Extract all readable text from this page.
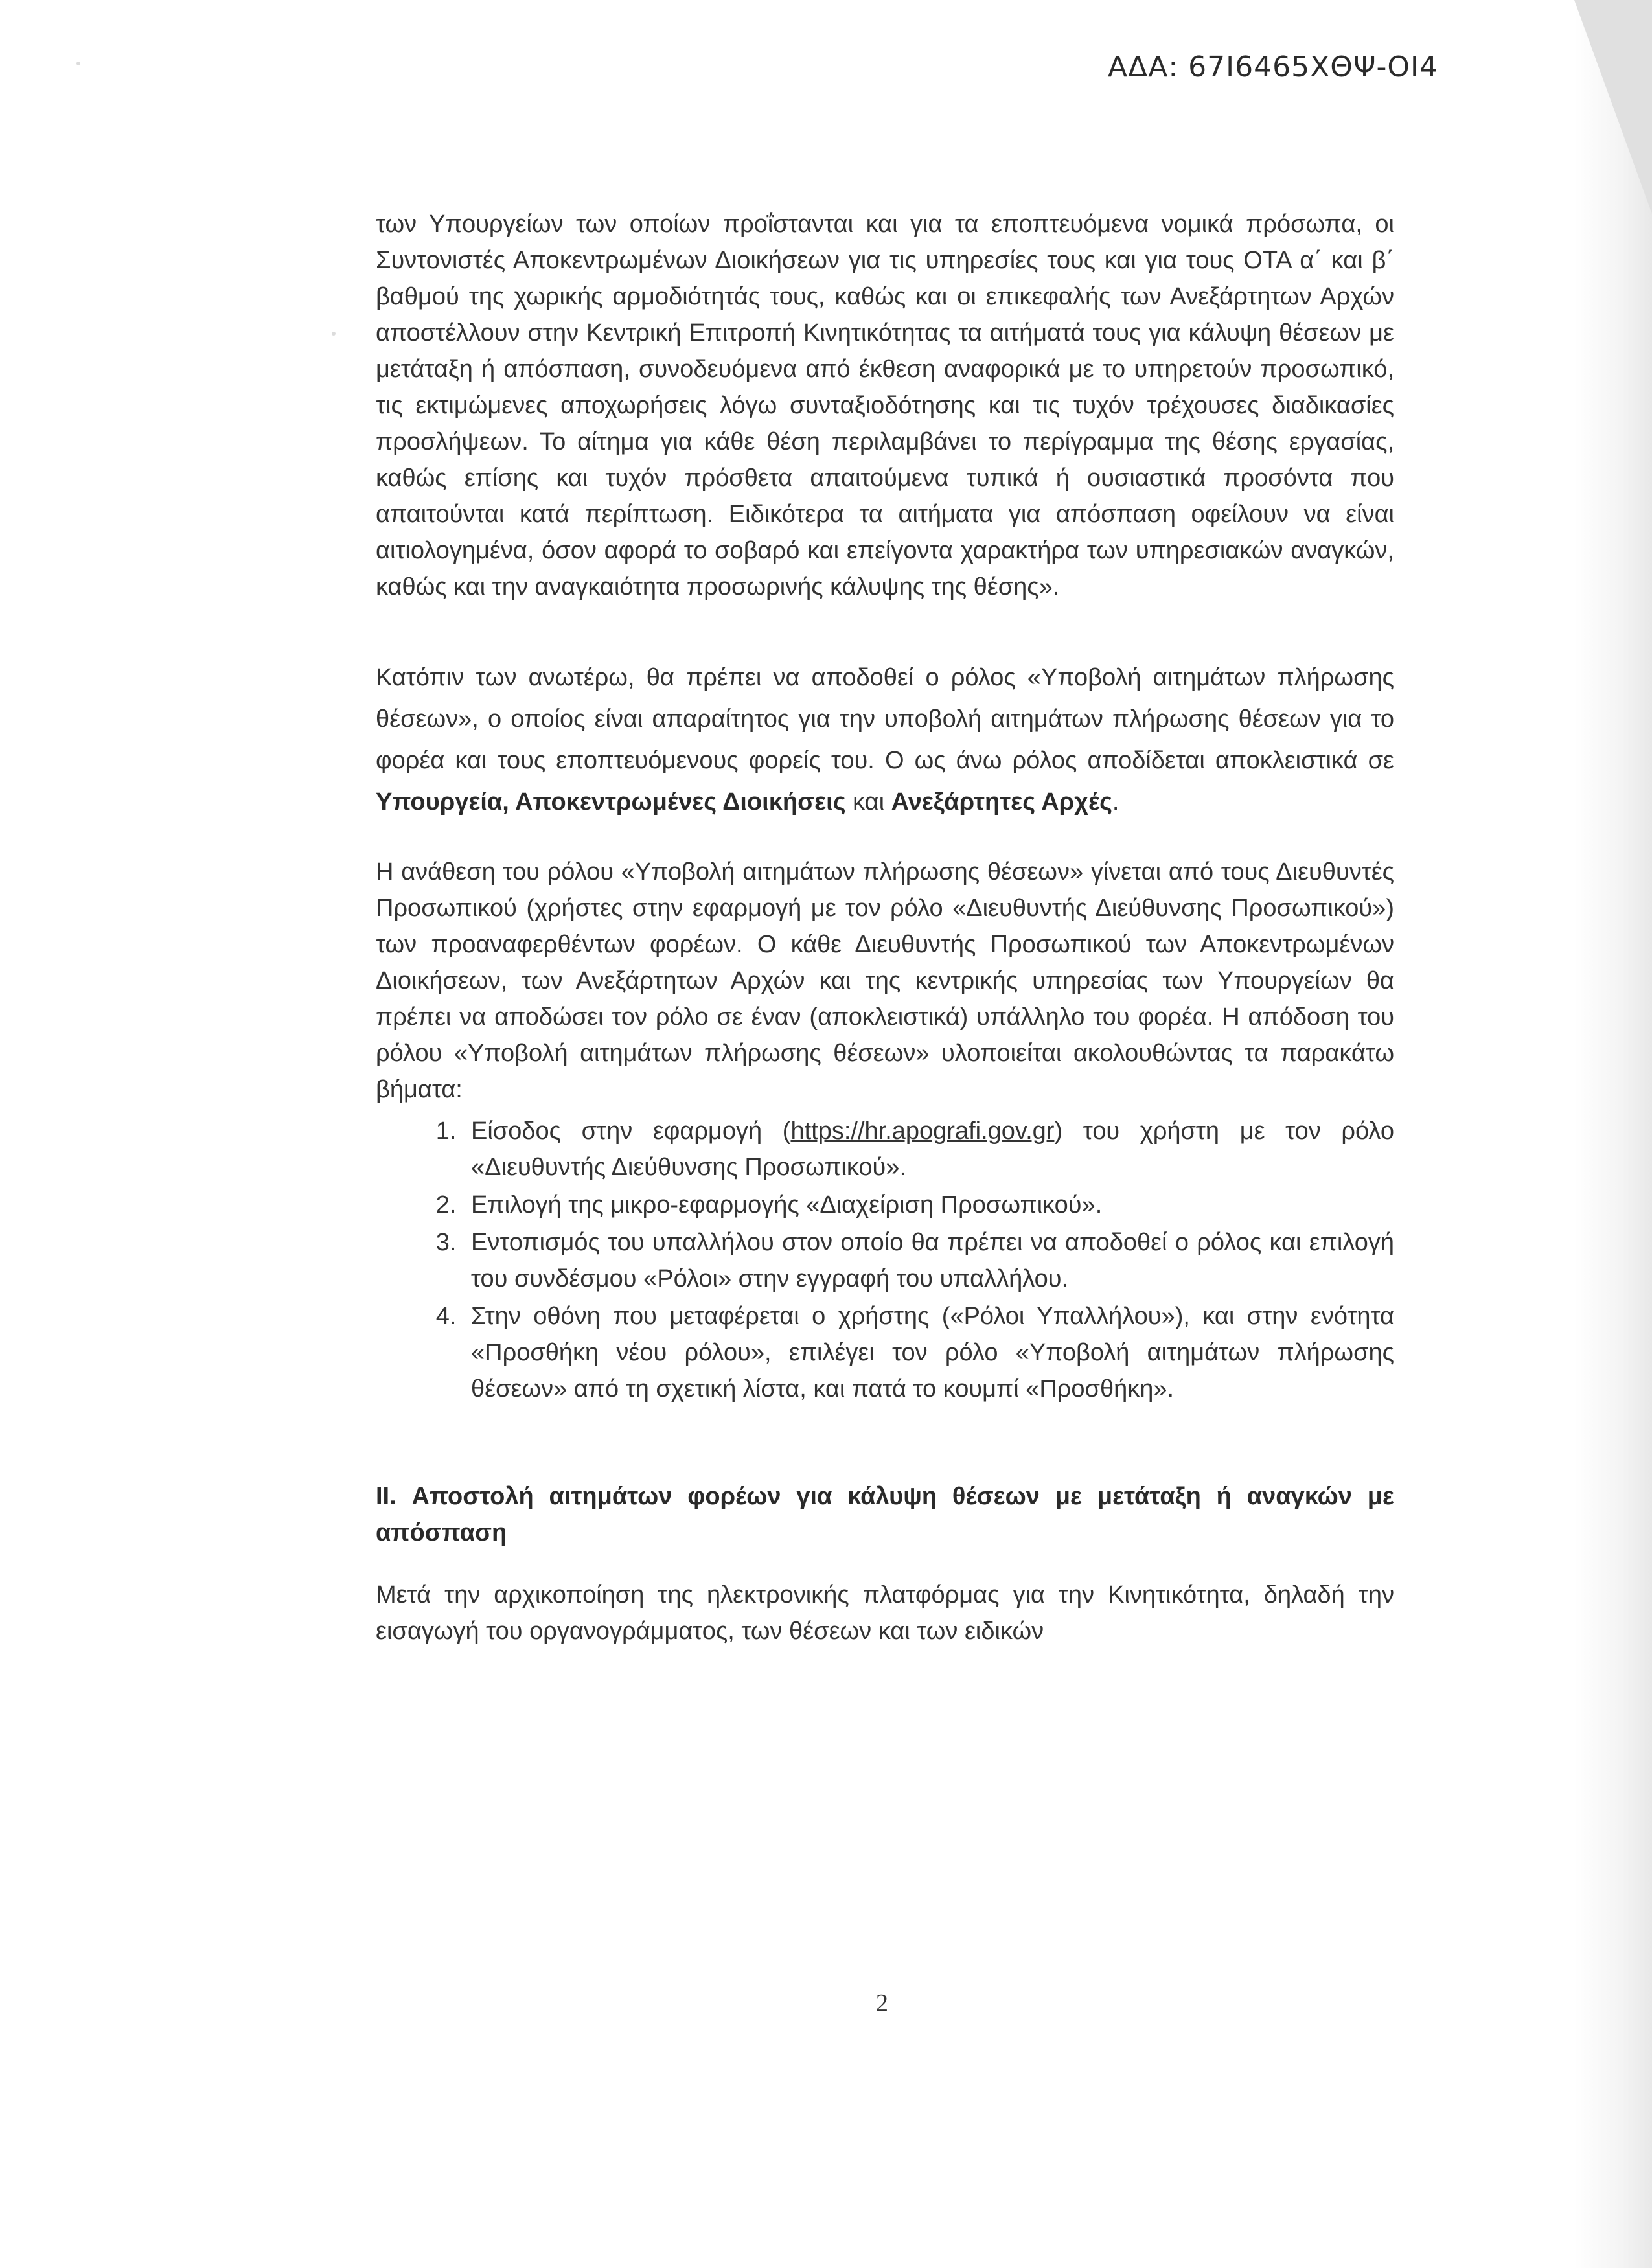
ΑΔΑ: 67Ι6465ΧΘΨ-ΟΙ4

των Υπουργείων των οποίων προΐστανται και για τα εποπτευόμενα νομικά πρόσωπα, οι Συντονιστές Αποκεντρωμένων Διοικήσεων για τις υπηρεσίες τους και για τους ΟΤΑ α΄ και β΄ βαθμού της χωρικής αρμοδιότητάς τους, καθώς και οι επικεφαλής των Ανεξάρτητων Αρχών αποστέλλουν στην Κεντρική Επιτροπή Κινητικότητας τα αιτήματά τους για κάλυψη θέσεων με μετάταξη ή απόσπαση, συνοδευόμενα από έκθεση αναφορικά με το υπηρετούν προσωπικό, τις εκτιμώμενες αποχωρήσεις λόγω συνταξιοδότησης και τις τυχόν τρέχουσες διαδικασίες προσλήψεων. Το αίτημα για κάθε θέση περιλαμβάνει το περίγραμμα της θέσης εργασίας, καθώς επίσης και τυχόν πρόσθετα απαιτούμενα τυπικά ή ουσιαστικά προσόντα που απαιτούνται κατά περίπτωση. Ειδικότερα τα αιτήματα για απόσπαση οφείλουν να είναι αιτιολογημένα, όσον αφορά το σοβαρό και επείγοντα χαρακτήρα των υπηρεσιακών αναγκών, καθώς και την αναγκαιότητα προσωρινής κάλυψης της θέσης».

Κατόπιν των ανωτέρω, θα πρέπει να αποδοθεί ο ρόλος «Υποβολή αιτημάτων πλήρωσης θέσεων», ο οποίος είναι απαραίτητος για την υποβολή αιτημάτων πλήρωσης θέσεων για το φορέα και τους εποπτευόμενους φορείς του. Ο ως άνω ρόλος αποδίδεται αποκλειστικά σε Υπουργεία, Αποκεντρωμένες Διοικήσεις και Ανεξάρτητες Αρχές.

Η ανάθεση του ρόλου «Υποβολή αιτημάτων πλήρωσης θέσεων» γίνεται από τους Διευθυντές Προσωπικού (χρήστες στην εφαρμογή με τον ρόλο «Διευθυντής Διεύθυνσης Προσωπικού») των προαναφερθέντων φορέων. Ο κάθε Διευθυντής Προσωπικού των Αποκεντρωμένων Διοικήσεων, των Ανεξάρτητων Αρχών και της κεντρικής υπηρεσίας των Υπουργείων θα πρέπει να αποδώσει τον ρόλο σε έναν (αποκλειστικά) υπάλληλο του φορέα. Η απόδοση του ρόλου «Υποβολή αιτημάτων πλήρωσης θέσεων» υλοποιείται ακολουθώντας τα παρακάτω βήματα:

1. Είσοδος στην εφαρμογή (https://hr.apografi.gov.gr) του χρήστη με τον ρόλο «Διευθυντής Διεύθυνσης Προσωπικού».
2. Επιλογή της μικρο-εφαρμογής «Διαχείριση Προσωπικού».
3. Εντοπισμός του υπαλλήλου στον οποίο θα πρέπει να αποδοθεί ο ρόλος και επιλογή του συνδέσμου «Ρόλοι» στην εγγραφή του υπαλλήλου.
4. Στην οθόνη που μεταφέρεται ο χρήστης («Ρόλοι Υπαλλήλου»), και στην ενότητα «Προσθήκη νέου ρόλου», επιλέγει τον ρόλο «Υποβολή αιτημάτων πλήρωσης θέσεων» από τη σχετική λίστα, και πατά το κουμπί «Προσθήκη».
II. Αποστολή αιτημάτων φορέων για κάλυψη θέσεων με μετάταξη ή αναγκών με απόσπαση

Μετά την αρχικοποίηση της ηλεκτρονικής πλατφόρμας για την Κινητικότητα, δηλαδή την εισαγωγή του οργανογράμματος, των θέσεων και των ειδικών

2
